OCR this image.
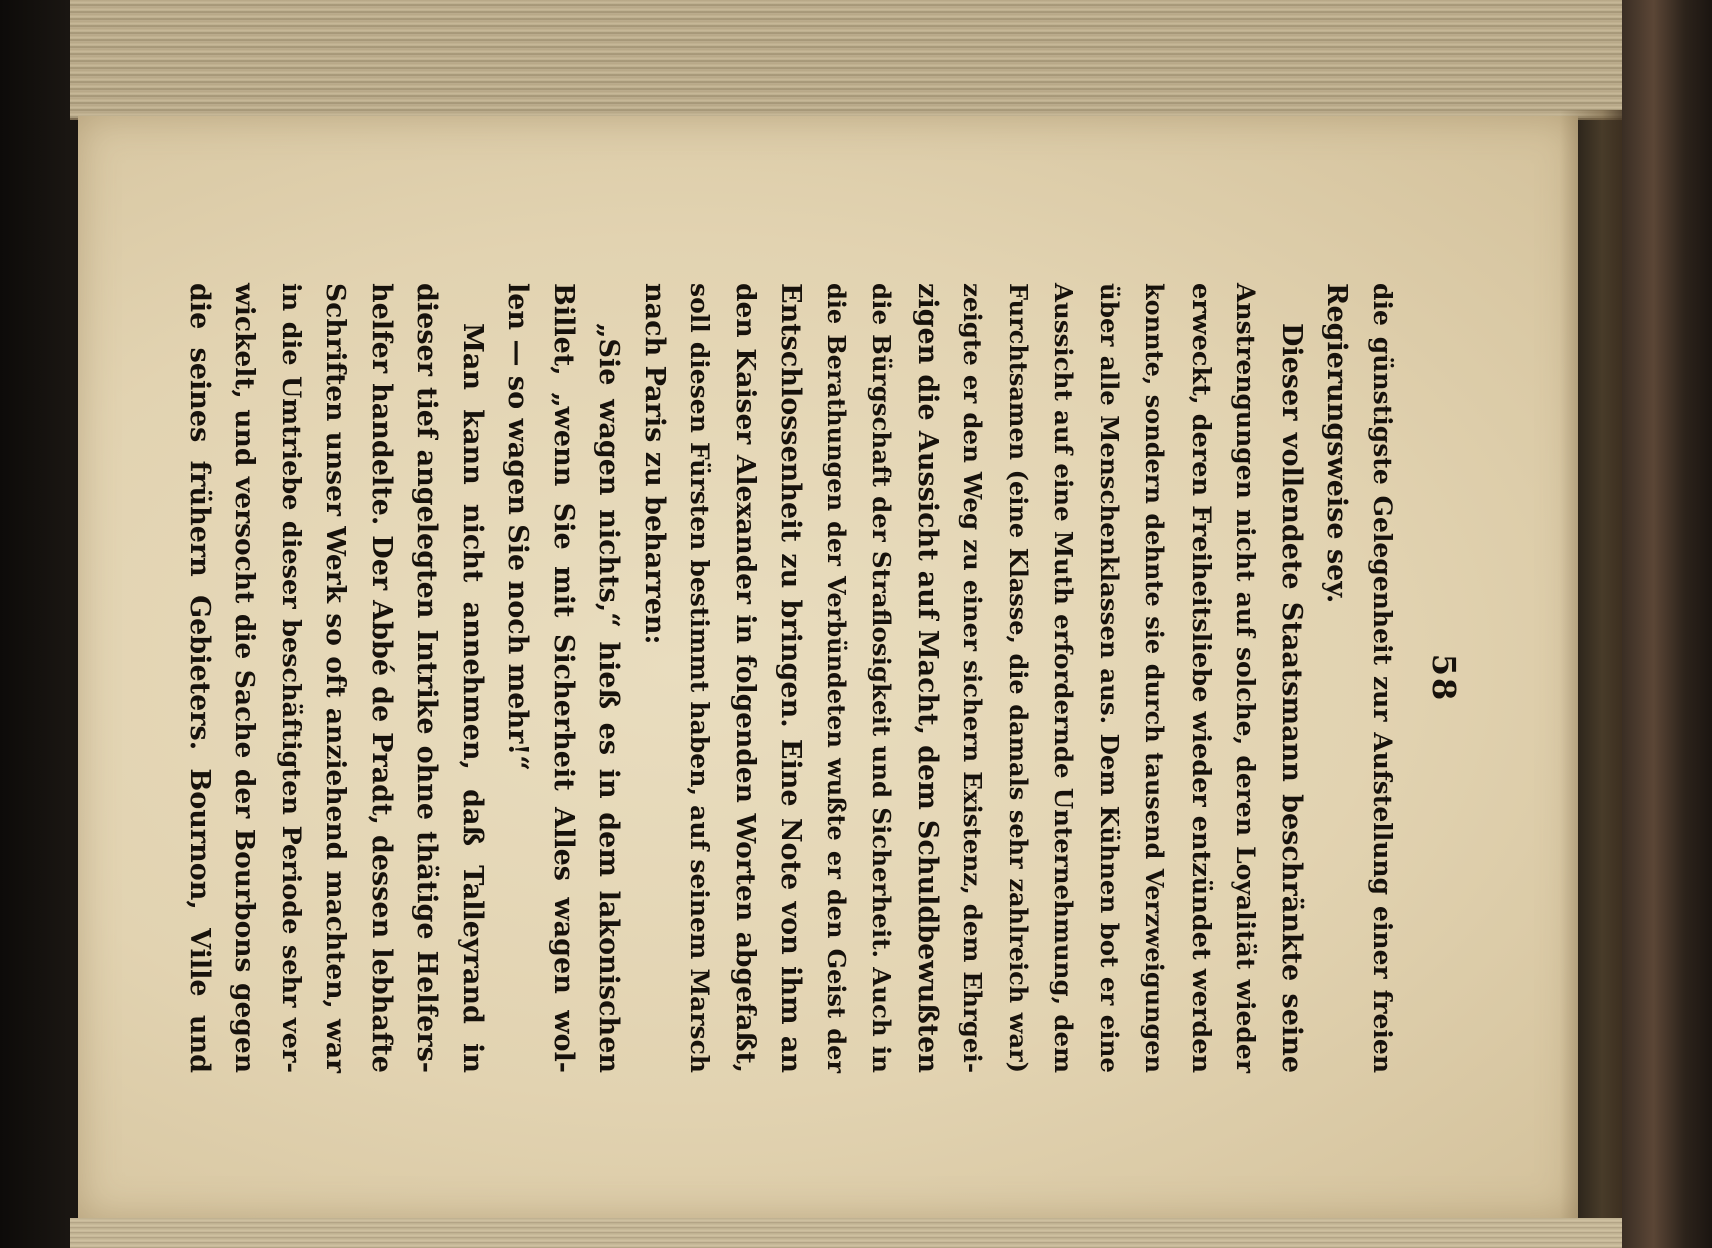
58
die günstigste Gelegenheit zur Aufstellung einer freien
Regierungsweise sey.
Dieser vollendete Staatsmann beschränkte seine
Anstrengungen nicht auf solche, deren Loyalität wieder
erweckt, deren Freiheitsliebe wieder entzündet werden
konnte, sondern dehnte sie durch tausend Verzweigungen
über alle Menschenklassen aus. Dem Kühnen bot er eine
Aussicht auf eine Muth erfordernde Unternehmung, dem
Furchtsamen (eine Klasse, die damals sehr zahlreich war)
zeigte er den Weg zu einer sichern Existenz, dem Ehrgei-
zigen die Aussicht auf Macht, dem Schuldbewußten
die Bürgschaft der Straflosigkeit und Sicherheit. Auch in
die Berathungen der Verbündeten wußte er den Geist der
Entschlossenheit zu bringen. Eine Note von ihm an
den Kaiser Alexander in folgenden Worten abgefaßt,
soll diesen Fürsten bestimmt haben, auf seinem Marsch
nach Paris zu beharren:
„Sie wagen nichts,“ hieß es in dem lakonischen
Billet, „wenn Sie mit Sicherheit Alles wagen wol-
len — so wagen Sie noch mehr!“
Man kann nicht annehmen, daß Talleyrand in
dieser tief angelegten Intrike ohne thätige Helfers-
helfer handelte. Der Abbé de Pradt, dessen lebhafte
Schriften unser Werk so oft anziehend machten, war
in die Umtriebe dieser beschäftigten Periode sehr ver-
wickelt, und versocht die Sache der Bourbons gegen
die seines frühern Gebieters. Bournon, Ville und
